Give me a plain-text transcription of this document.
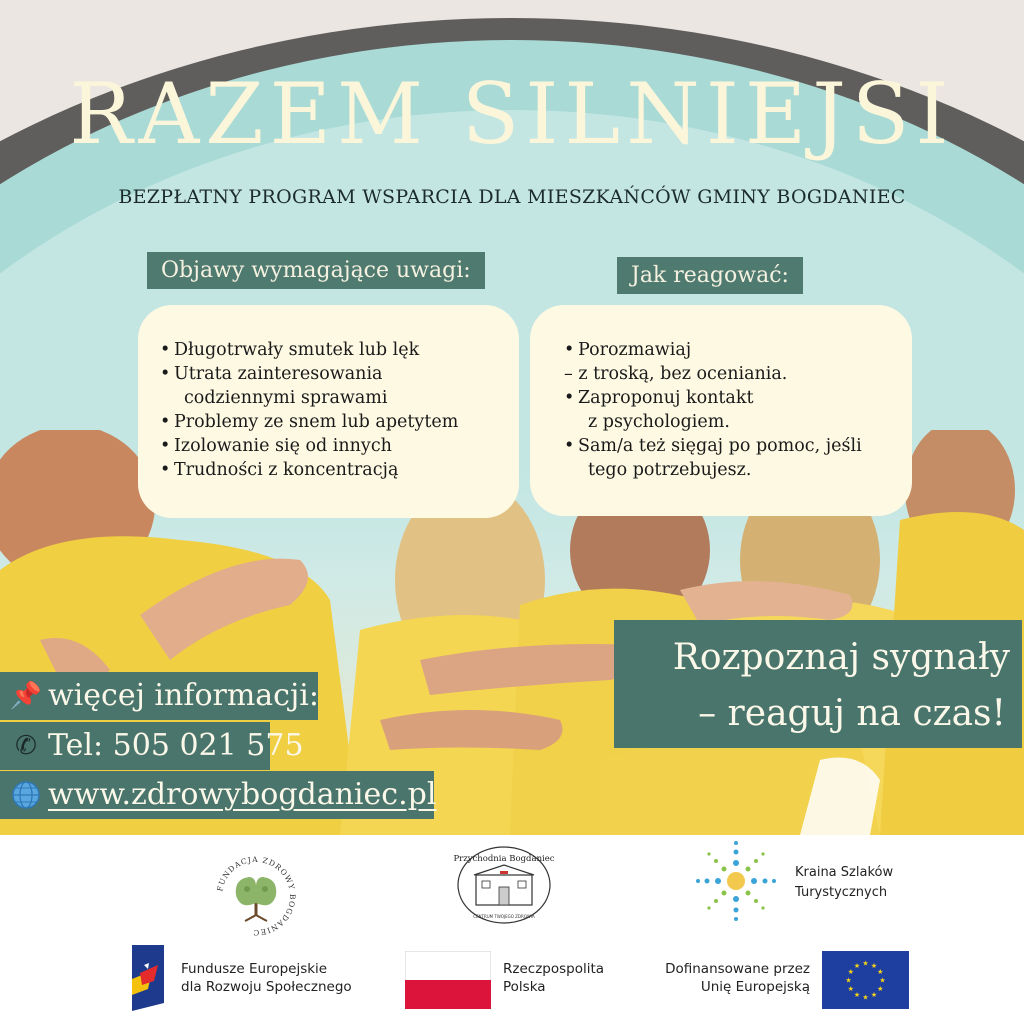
RAZEM SILNIEJSI
BEZPŁATNY PROGRAM WSPARCIA DLA MIESZKAŃCÓW GMINY BOGDANIEC
Objawy wymagające uwagi:	Jak reagować:
• Długotrwały smutek lub lęk
• Utrata zainteresowania
codziennymi sprawami
• Problemy ze snem lub apetytem
• Izolowanie się od innych
• Trudności z koncentracją
• Porozmawiaj
– z troską, bez oceniania.
• Zaproponuj kontakt
z psychologiem.
• Sam/a też sięgaj po pomoc, jeśli
tego potrzebujesz.
Rozpoznaj sygnały
– reaguj na czas!
📌 więcej informacji:
✆ Tel: 505 021 575
www.zdrowybogdaniec.pl
FUNDACJA ZDROWY BOGDANIEC
Przychodnia Bogdaniec
CENTRUM TWOJEGO ZDROWIA
Kraina Szlaków
Turystycznych
Fundusze Europejskie
dla Rozwoju Społecznego
Rzeczpospolita
Polska
Dofinansowane przez
Unię Europejską	★
★
★
★
★
★
★
★
★ ★ ★
★
